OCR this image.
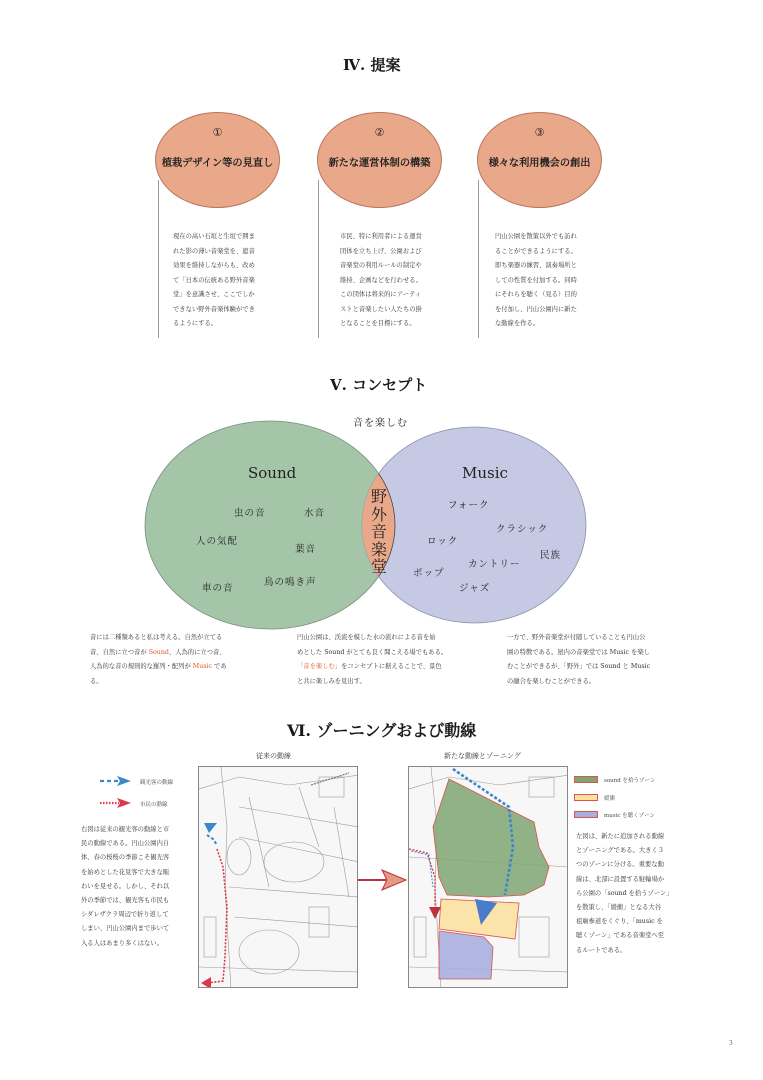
Ⅳ. 提案
①
植栽デザイン等の見直し
現在の高い石垣と生垣で囲ま
れた影の薄い音楽堂を、遮音
効果を維持しながらも、改め
て「日本の伝統ある野外音楽
堂」を意識させ、ここでしか
できない野外音楽体験ができ
るようにする。
②
新たな運営体制の構築
市民、特に利用者による運営
団体を立ち上げ、公園および
音楽堂の利用ルールの制定や
維持、企画などを行わせる。
この団体は将来的にアーティ
ストと音楽したい人たちの掛
となることを目標にする。
③
様々な利用機会の創出
円山公園を散策以外でも訪れ
ることができるようにする。
即ち楽器の練習、演奏場所と
しての性質を付加する。同時
にそれらを聴く（見る）目的
を付加し、円山公園内に新た
な動線を作る。
Ⅴ. コンセプト
音を楽しむ
Sound
虫の音	水音
人の気配
葉音
車の音
鳥の鳴き声
Music
フォーク
クラシック
ロック
カントリー
民族
ポップ
ジャズ
野
外
音
楽
堂
音には二種類あると私は考える。自然が立てる
音、自然に立つ音が Sound、人為的に立つ音、
人為的な音の規則的な羅列・配列が Music であ
る。
円山公園は、渓流を模した水の流れによる音を始
めとした Sound がとても良く聞こえる場でもある。
「音を楽しむ」をコンセプトに据えることで、景色
と共に楽しみを見出す。
一方で、野外音楽堂が付随していることも円山公
園の特徴である。屋内の音楽堂では Music を楽し
むことができるが、「野外」では Sound と Music
の融合を楽しむことができる。
Ⅵ. ゾーニングおよび動線
従来の動線	新たな動線とゾーニング
観光客の動線
市民の動線
右図は従来の観光客の動線と市
民の動線である。円山公園内自
体、春の桜桜の季節こそ観光客
を始めとした花見客で大きな賑
わいを見せる。しかし、それ以
外の季節では、観光客も市民も
シダレザクラ周辺で折り返して
しまい、円山公園内まで歩いて
入る人はあまり多くはない。
sound を拾うゾーン
緩衝
music を聴くゾーン
左図は、新たに追加される動線
とゾーニングである。大きく３
つのゾーンに分ける。重要な動
線は、北部に設置する駐輪場か
ら公園の「sound を拾うゾーン」
を散策し、「緩衝」となる大谷
祖廟参道をくぐり、「music を
聴くゾーン」である音楽堂へ至
るルートである。
3
